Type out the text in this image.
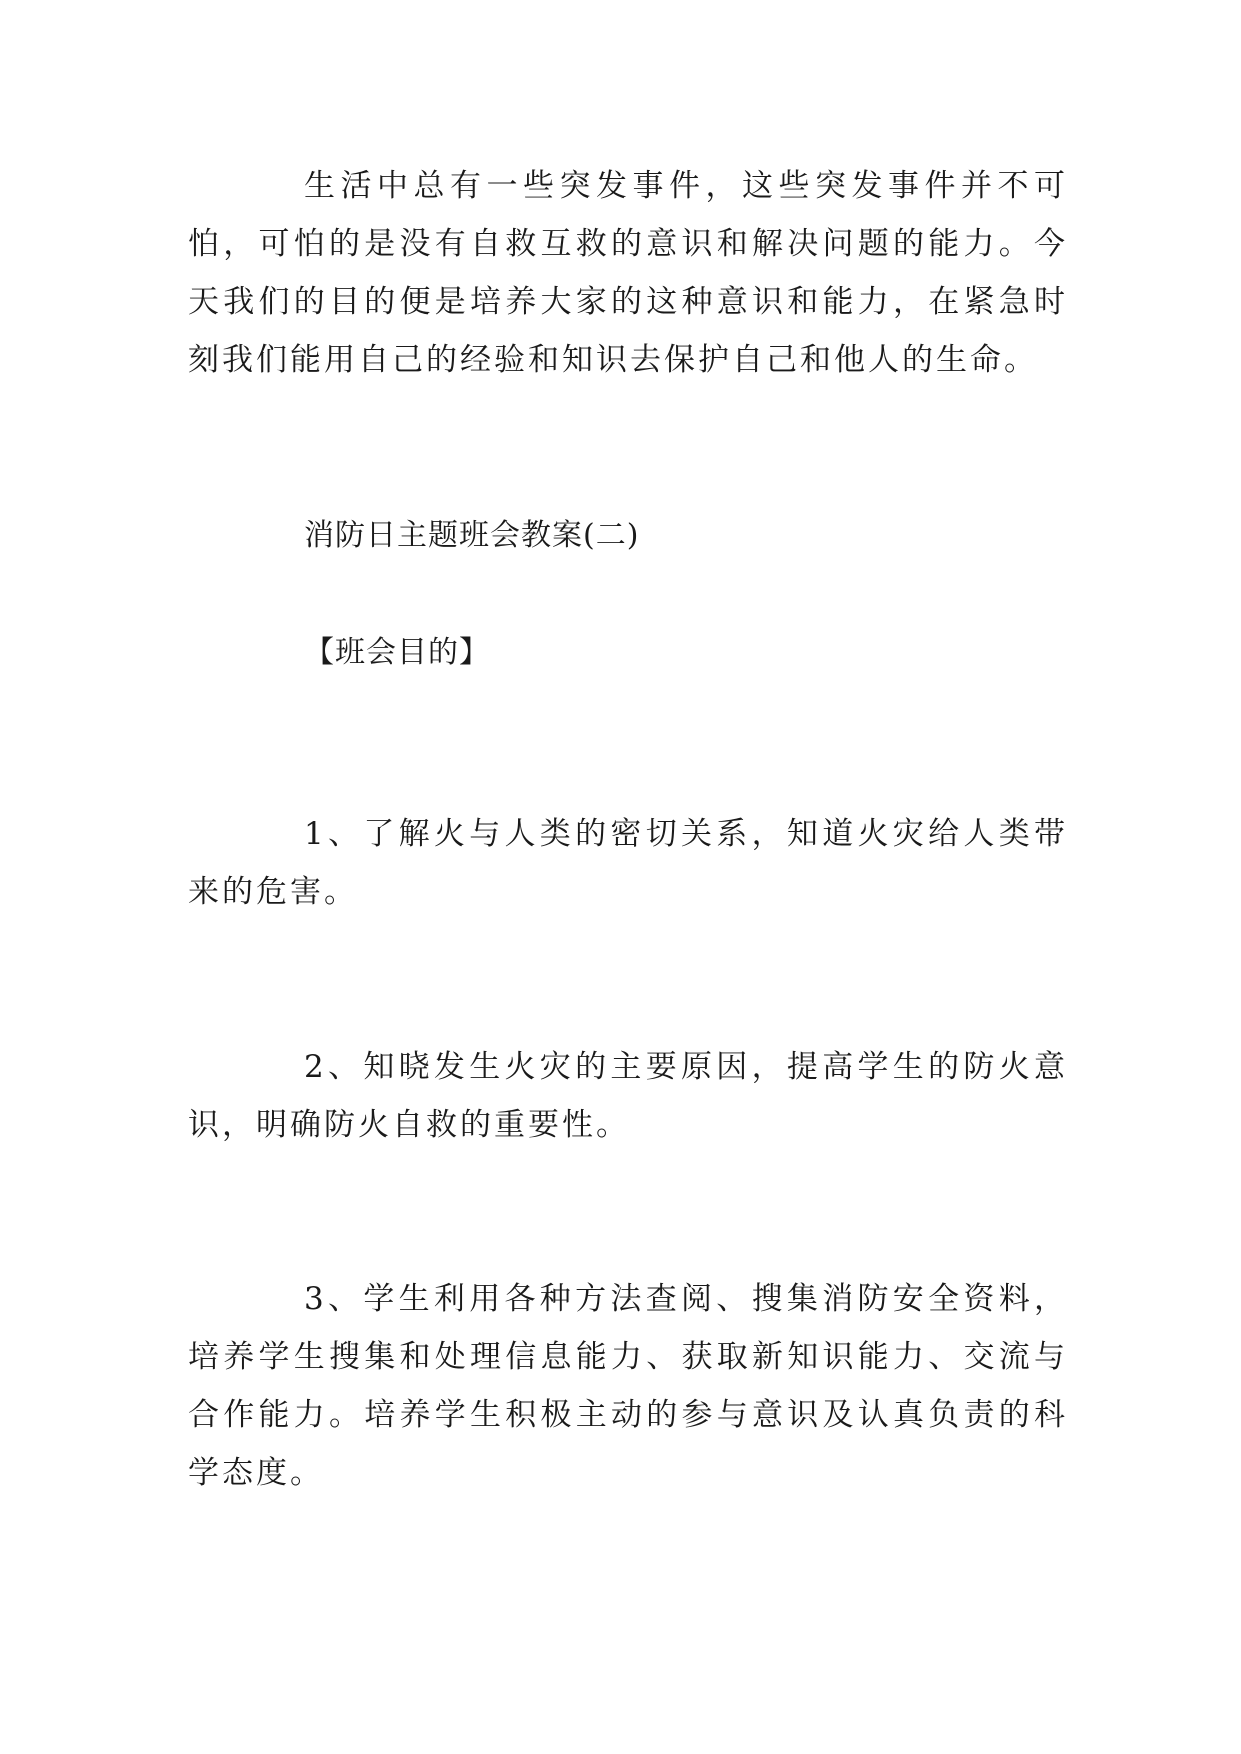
生活中总有一些突发事件，这些突发事件并不可怕，可怕的是没有自救互救的意识和解决问题的能力。今天我们的目的便是培养大家的这种意识和能力，在紧急时刻我们能用自己的经验和知识去保护自己和他人的生命。

消防日主题班会教案(二)

【班会目的】

1、了解火与人类的密切关系，知道火灾给人类带来的危害。

2、知晓发生火灾的主要原因，提高学生的防火意识，明确防火自救的重要性。

3、学生利用各种方法查阅、搜集消防安全资料，培养学生搜集和处理信息能力、获取新知识能力、交流与合作能力。培养学生积极主动的参与意识及认真负责的科学态度。
